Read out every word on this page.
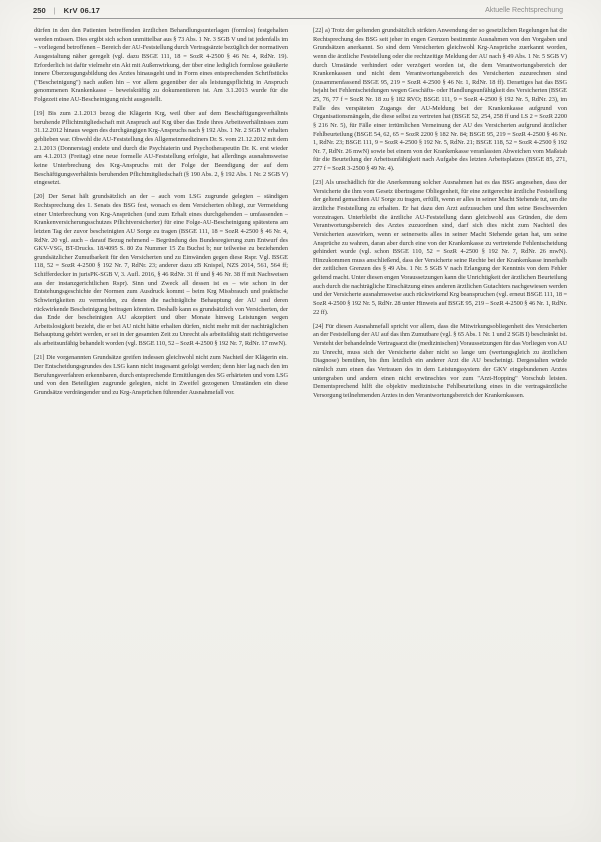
250 | KrV 06.17	Aktuelle Rechtsprechung

dürfen in den den Patienten betreffenden ärztlichen Behandlungsunterlagen (formlos) festgehalten werden müssen. Dies ergibt sich schon unmittelbar aus § 73 Abs. 1 Nr. 3 SGB V und ist jedenfalls im – vorliegend betroffenen – Bereich der AU-Feststellung durch Vertragsärzte bezüglich der normativen Ausgestaltung näher geregelt (vgl. dazu BSGE 111, 18 = SozR 4-2500 § 46 Nr. 4, RdNr. 19). Erforderlich ist dafür vielmehr ein Akt mit Außenwirkung, der über eine lediglich formlose geäußerte innere Überzeugungsbildung des Arztes hinausgeht und in Form eines entsprechenden Schriftstücks ("Bescheinigung") nach außen hin – vor allem gegenüber der als leistungspflichtig in Anspruch genommenen Krankenkasse – beweiskräftig zu dokumentieren ist. Am 3.1.2013 wurde für die Folgezeit eine AU-Bescheinigung nicht ausgestellt.

[19] Bis zum 2.1.2013 bezog die Klägerin Krg, weil über auf dem Beschäftigungsverhältnis beruhende Pflichtmitgliedschaft mit Anspruch auf Krg über das Ende ihres Arbeitsverhältnisses zum 31.12.2012 hinaus wegen des durchgängigen Krg-Anspruchs nach § 192 Abs. 1 Nr. 2 SGB V erhalten geblieben war. Obwohl die AU-Feststellung des Allgemeinmediziners Dr. S. vom 21.12.2012 mit dem 2.1.2013 (Donnerstag) endete und durch die Psychiaterin und Psychotherapeutin Dr. K. erst wieder am 4.1.2013 (Freitag) eine neue formelle AU-Feststellung erfolgte, hat allerdings ausnahmsweise keine Unterbrechung des Krg-Anspruchs mit der Folge der Beendigung der auf dem Beschäftigungsverhältnis beruhenden Pflichtmitgliedschaft (§ 190 Abs. 2, § 192 Abs. 1 Nr. 2 SGB V) eingesetzt.

[20] Der Senat hält grundsätzlich an der – auch vom LSG zugrunde gelegten – ständigen Rechtsprechung des 1. Senats des BSG fest, wonach es dem Versicherten obliegt, zur Vermeidung einer Unterbrechung von Krg-Ansprüchen (und zum Erhalt eines durchgehenden – umfassenden – Krankenversicherungsschutzes Pflichtversicherter) für eine Folge-AU-Bescheinigung spätestens am letzten Tag der zuvor bescheinigten AU Sorge zu tragen (BSGE 111, 18 = SozR 4-2500 § 46 Nr. 4, RdNr. 20 vgl. auch – darauf Bezug nehmend – Begründung des Bundesregierung zum Entwurf des GKV-VSG, BT-Drucks. 18/4095 S. 80 Zu Nummer 15 Zu Buchst b; nur teilweise zu beziehenden grundsätzlicher Zumutbarkeit für den Versicherten und zu Einwänden gegen diese Rspr. Vgl. BSGE 118, 52 = SozR 4-2500 § 192 Nr. 7, RdNr. 23; anderer dazu zB Knispel, NZS 2014, 561, 564 ff; Schifferdecker in jurisPK-SGB V, 3. Aufl. 2016, § 46 RdNr. 31 ff und § 46 Nr. 38 ff mit Nachweisen aus der instanzgerichtlichen Rspr). Sinn und Zweck all dessen ist es – wie schon in der Entstehungsgeschichte der Normen zum Ausdruck kommt – beim Krg Missbrauch und praktische Schwierigkeiten zu vermeiden, zu denen die nachträgliche Behauptung der AU und deren rückwirkende Bescheinigung beitragen könnten. Deshalb kann es grundsätzlich von Versicherten, der das Ende der bescheinigten AU akzeptiert und über Monate hinweg Leistungen wegen Arbeitslosigkeit bezieht, die er bei AU nicht hätte erhalten dürfen, nicht mehr mit der nachträglichen Behauptung gehört werden, er sei in der gesamten Zeit zu Unrecht als arbeitsfähig statt richtigerweise als arbeitsunfähig behandelt worden (vgl. BSGE 110, 52 – SozR 4-2500 § 192 Nr. 7, RdNr. 17 mwN).

[21] Die vorgenannten Grundsätze greifen indessen gleichwohl nicht zum Nachteil der Klägerin ein. Der Entscheidungsgrundes des LSG kann nicht insgesamt gefolgt werden; denn hier lag nach den im Berufungsverfahren erkennbaren, durch entsprechende Ermittlungen des SG erhärteten und vom LSG und von den Beteiligten zugrunde gelegten, nicht in Zweifel gezogenen Umständen ein diese Grundsätze verdrängender und zu Krg-Ansprüchen führender Ausnahmefall vor.

[22] a) Trotz der geltenden grundsätzlich strikten Anwendung der so gesetzlichen Regelungen hat die Rechtsprechung des BSG seit jeher in engen Grenzen bestimmte Ausnahmen von den Vorgaben und Grundsätzen anerkannt. So sind dem Versicherten gleichwohl Krg-Ansprüche zuerkannt worden, wenn die ärztliche Feststellung oder die rechtzeitige Meldung der AU nach § 49 Abs. 1 Nr. 5 SGB V) durch Umstände verhindert oder verzögert worden ist, die dem Verantwortungsbereich der Krankenkassen und nicht dem Verantwortungsbereich des Versicherten zuzurechnen sind (zusammenfassend BSGE 95, 219 = SozR 4-2500 § 46 Nr. 1, RdNr. 18 ff). Derartiges hat das BSG bejaht bei Fehlentscheidungen wegen Geschäfts- oder Handlungsunfähigkeit des Versicherten (BSGE 25, 76, 77 f = SozR Nr. 18 zu § 182 RVO; BSGE 111, 9 = SozR 4-2500 § 192 Nr. 5, RdNr. 23), im Falle des verspäteten Zugangs der AU-Meldung bei der Krankenkasse aufgrund von Organisationsmängeln, die diese selbst zu vertreten hat (BSGE 52, 254, 258 ff und LS 2 = SozR 2200 § 216 Nr. 5), für Fälle einer irrtümlichen Verneinung der AU des Versicherten aufgrund ärztlicher Fehlbeurteilung (BSGE 54, 62, 65 = SozR 2200 § 182 Nr. 84; BSGE 95, 219 = SozR 4-2500 § 46 Nr. 1, RdNr. 23; BSGE 111, 9 = SozR 4-2500 § 192 Nr. 5, RdNr. 21; BSGE 118, 52 = SozR 4-2500 § 192 Nr. 7, RdNr. 26 mwN) sowie bei einem von der Krankenkasse veranlassten Abweichen vom Maßstab für die Beurteilung der Arbeitsunfähigkeit nach Aufgabe des letzten Arbeitsplatzes (BSGE 85, 271, 277 f = SozR 3-2500 § 49 Nr. 4).

[23] Als unschädlich für die Anerkennung solcher Ausnahmen hat es das BSG angesehen, dass der Versicherte die ihm vom Gesetz übertragene Obliegenheit, für eine zeitgerechte ärztliche Feststellung der geltend gemachten AU Sorge zu tragen, erfüllt, wenn er alles in seiner Macht Stehende tut, um die ärztliche Feststellung zu erhalten. Er hat dazu den Arzt aufzusuchen und ihm seine Beschwerden vorzutragen. Unterbleibt die ärztliche AU-Feststellung dann gleichwohl aus Gründen, die dem Verantwortungsbereich des Arztes zuzuordnen sind, darf sich dies nicht zum Nachteil des Versicherten auswirken, wenn er seinerseits alles in seiner Macht Stehende getan hat, um seine Ansprüche zu wahren, daran aber durch eine von der Krankenkasse zu vertretende Fehlentscheidung gehindert wurde (vgl. schon BSGE 110, 52 = SozR 4-2500 § 192 Nr. 7, RdNr. 26 mwN). Hinzukommen muss anschließend, dass der Versicherte seine Rechte bei der Krankenkasse innerhalb der zeitlichen Grenzen des § 49 Abs. 1 Nr. 5 SGB V nach Erlangung der Kenntnis von dem Fehler geltend macht. Unter diesen engen Voraussetzungen kann die Unrichtigkeit der ärztlichen Beurteilung auch durch die nachträgliche Einschätzung eines anderen ärztlichen Gutachters nachgewiesen werden und der Versicherte ausnahmsweise auch rückwirkend Krg beanspruchen (vgl. erneut BSGE 111, 18 = SozR 4-2500 § 192 Nr. 5, RdNr. 28 unter Hinweis auf BSGE 95, 219 – SozR 4-2500 § 46 Nr. 1, RdNr. 22 ff).

[24] Für diesen Ausnahmefall spricht vor allem, dass die Mitwirkungsobliegenheit des Versicherten an der Feststellung der AU auf das ihm Zumutbare (vgl. § 65 Abs. 1 Nr. 1 und 2 SGB I) beschränkt ist. Versteht der behandelnde Vertragsarzt die (medizinischen) Voraussetzungen für das Vorliegen von AU zu Unrecht, muss sich der Versicherte daher nicht so lange um (wertungsgleich zu ärztlichen Diagnose) bemühen, bis ihm letztlich ein anderer Arzt die AU bescheinigt. Dergestalten würde nämlich zum einen das Vertrauen des in dem Leistungssystem der GKV eingebundenen Arztes untergraben und andern einen nicht erwünschtes vor zum "Arzt-Hopping" Vorschub leisten. Dementsprechend hilft die objektiv medizinische Fehlbeurteilung eines in die vertragsärztliche Versorgung teilnehmenden Arztes in den Verantwortungsbereich der Krankenkassen.
